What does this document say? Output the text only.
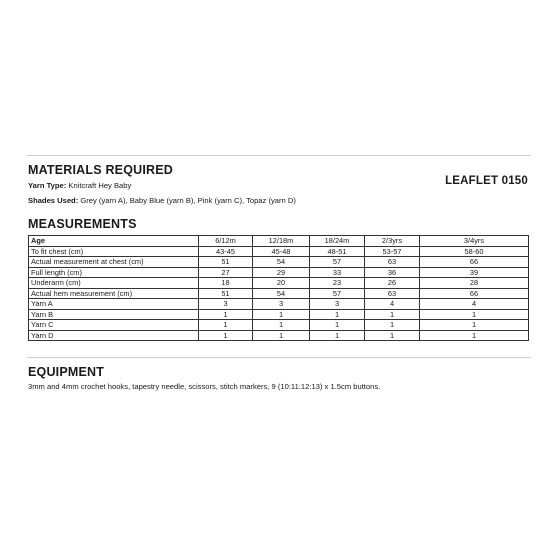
MATERIALS REQUIRED
Yarn Type: Knitcraft Hey Baby
Shades Used: Grey (yarn A), Baby Blue (yarn B), Pink (yarn C), Topaz (yarn D)
LEAFLET 0150
MEASUREMENTS
Age	6/12m	12/18m	18/24m	2/3yrs	3/4yrs
To fit chest (cm)	43-45	45-48	48-51	53-57	58-60
Actual measurement at chest (cm)	51	54	57	63	66
Full length (cm)	27	29	33	36	39
Underarm (cm)	18	20	23	26	28
Actual hem measurement (cm)	51	54	57	63	66
Yarn A	3	3	3	4	4
Yarn B	1	1	1	1	1
Yarn C	1	1	1	1	1
Yarn D	1	1	1	1	1
EQUIPMENT
3mm and 4mm crochet hooks, tapestry needle, scissors, stitch markers, 9 (10:11:12:13) x 1.5cm buttons.
